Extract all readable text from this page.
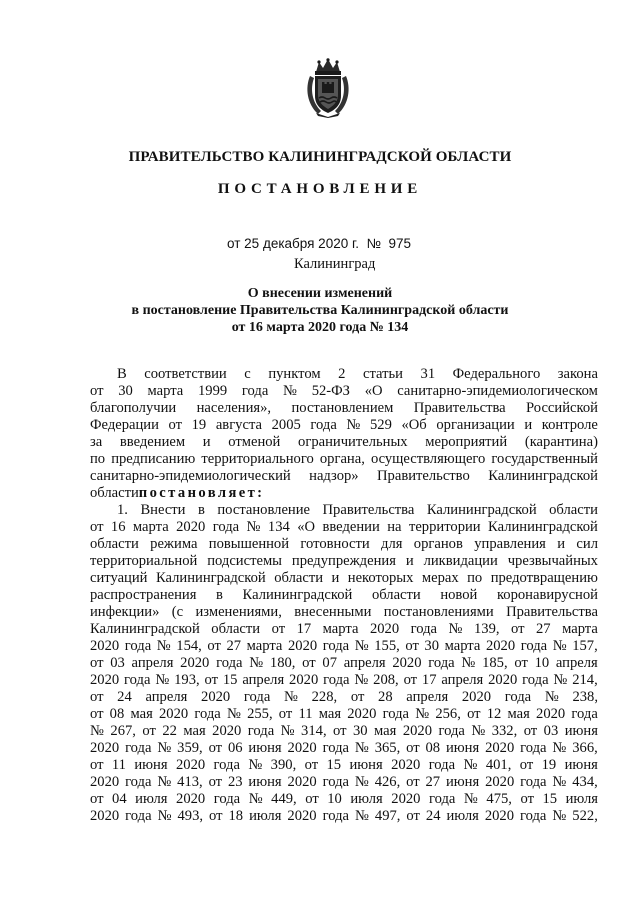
ПРАВИТЕЛЬСТВО КАЛИНИНГРАДСКОЙ ОБЛАСТИ
ПОСТАНОВЛЕНИЕ
от 25 декабря 2020 г. № 975
Калининград
О внесении изменений
в постановление Правительства Калининградской области
от 16 марта 2020 года № 134
В соответствии с пунктом 2 статьи 31 Федерального закона
от 30 марта 1999 года № 52-ФЗ «О санитарно-эпидемиологическом
благополучии населения», постановлением Правительства Российской
Федерации от 19 августа 2005 года № 529 «Об организации и контроле
за введением и отменой ограничительных мероприятий (карантина)
по предписанию территориального органа, осуществляющего государственный
санитарно-эпидемиологический надзор» Правительство Калининградской
области постановляет:
1. Внести в постановление Правительства Калининградской области
от 16 марта 2020 года № 134 «О введении на территории Калининградской
области режима повышенной готовности для органов управления и сил
территориальной подсистемы предупреждения и ликвидации чрезвычайных
ситуаций Калининградской области и некоторых мерах по предотвращению
распространения в Калининградской области новой коронавирусной
инфекции» (с изменениями, внесенными постановлениями Правительства
Калининградской области от 17 марта 2020 года № 139, от 27 марта
2020 года № 154, от 27 марта 2020 года № 155, от 30 марта 2020 года № 157,
от 03 апреля 2020 года № 180, от 07 апреля 2020 года № 185, от 10 апреля
2020 года № 193, от 15 апреля 2020 года № 208, от 17 апреля 2020 года № 214,
от 24 апреля 2020 года № 228, от 28 апреля 2020 года № 238,
от 08 мая 2020 года № 255, от 11 мая 2020 года № 256, от 12 мая 2020 года
№ 267, от 22 мая 2020 года № 314, от 30 мая 2020 года № 332, от 03 июня
2020 года № 359, от 06 июня 2020 года № 365, от 08 июня 2020 года № 366,
от 11 июня 2020 года № 390, от 15 июня 2020 года № 401, от 19 июня
2020 года № 413, от 23 июня 2020 года № 426, от 27 июня 2020 года № 434,
от 04 июля 2020 года № 449, от 10 июля 2020 года № 475, от 15 июля
2020 года № 493, от 18 июля 2020 года № 497, от 24 июля 2020 года № 522,
